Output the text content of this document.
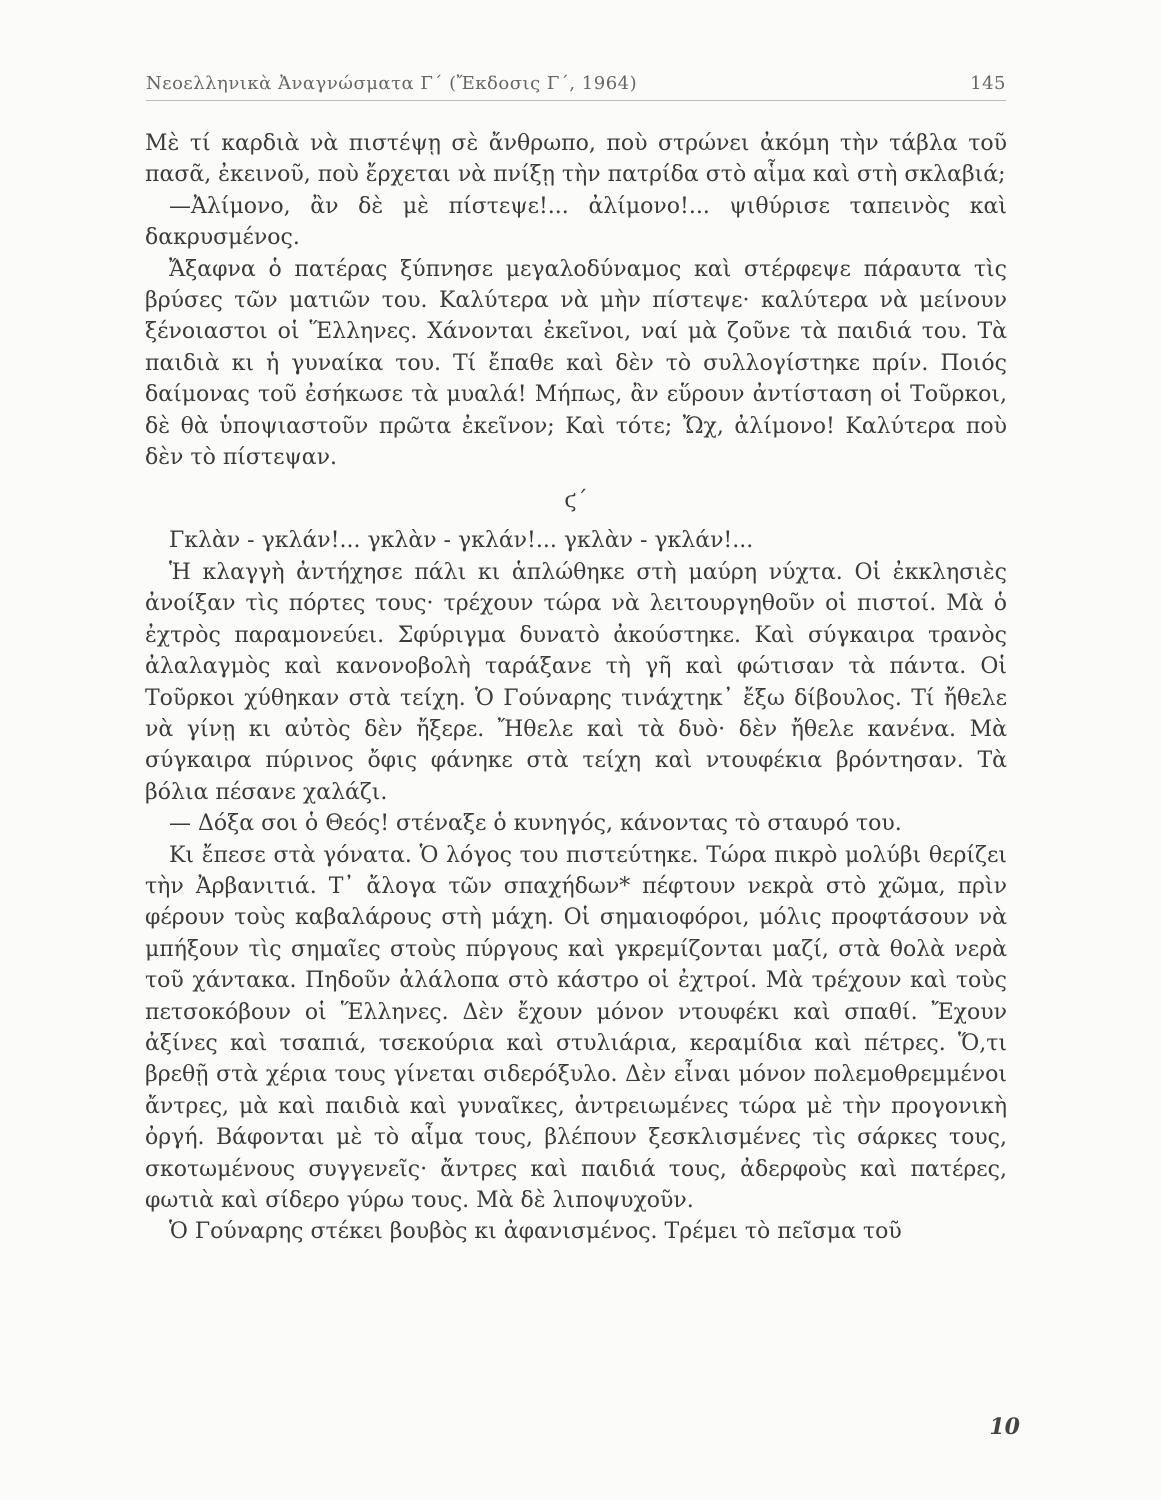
Νεοελληνικὰ Ἀναγνώσματα Γ΄ (Ἔκδοσις Γ΄, 1964)	145

Μὲ τί καρδιὰ νὰ πιστέψῃ σὲ ἄνθρωπο, ποὺ στρώνει ἀκόμη τὴν τάβλα τοῦ πασᾶ, ἐκεινοῦ, ποὺ ἔρχεται νὰ πνίξῃ τὴν πατρίδα στὸ αἷμα καὶ στὴ σκλαβιά;

—Ἀλίμονο, ἂν δὲ μὲ πίστεψε!... ἀλίμονο!... ψιθύρισε ταπεινὸς καὶ δακρυσμένος.

Ἄξαφνα ὁ πατέρας ξύπνησε μεγαλοδύναμος καὶ στέρφεψε πάραυτα τὶς βρύσες τῶν ματιῶν του. Καλύτερα νὰ μὴν πίστεψε· καλύτερα νὰ μείνουν ξένοιαστοι οἱ Ἕλληνες. Χάνονται ἐκεῖνοι, ναί μὰ ζοῦνε τὰ παιδιά του. Τὰ παιδιὰ κι ἡ γυναίκα του. Τί ἔπαθε καὶ δὲν τὸ συλλογίστηκε πρίν. Ποιός δαίμονας τοῦ ἐσήκωσε τὰ μυαλά! Μήπως, ἂν εὕρουν ἀντίσταση οἱ Τοῦρκοι, δὲ θὰ ὑποψιαστοῦν πρῶτα ἐκεῖνον; Καὶ τότε; Ὤχ, ἀλίμονο! Καλύτερα ποὺ δὲν τὸ πίστεψαν.

ϛ΄

Γκλὰν - γκλάν!... γκλὰν - γκλάν!... γκλὰν - γκλάν!...

Ἡ κλαγγὴ ἀντήχησε πάλι κι ἁπλώθηκε στὴ μαύρη νύχτα. Οἱ ἐκκλησιὲς ἀνοίξαν τὶς πόρτες τους· τρέχουν τώρα νὰ λειτουργηθοῦν οἱ πιστοί. Μὰ ὁ ἐχτρὸς παραμονεύει. Σφύριγμα δυνατὸ ἀκούστηκε. Καὶ σύγκαιρα τρανὸς ἀλαλαγμὸς καὶ κανονοβολὴ ταράξανε τὴ γῆ καὶ φώτισαν τὰ πάντα. Οἱ Τοῦρκοι χύθηκαν στὰ τείχη. Ὁ Γούναρης τινάχτηκ᾿ ἔξω δίβουλος. Τί ἤθελε νὰ γίνῃ κι αὐτὸς δὲν ἤξερε. Ἤθελε καὶ τὰ δυὸ· δὲν ἤθελε κανένα. Μὰ σύγκαιρα πύρινος ὄφις φάνηκε στὰ τείχη καὶ ντουφέκια βρόντησαν. Τὰ βόλια πέσανε χαλάζι.

— Δόξα σοι ὁ Θεός! στέναξε ὁ κυνηγός, κάνοντας τὸ σταυρό του.

Κι ἔπεσε στὰ γόνατα. Ὁ λόγος του πιστεύτηκε. Τώρα πικρὸ μολύβι θερίζει τὴν Ἀρβανιτιά. Τ᾿ ἄλογα τῶν σπαχήδων* πέφτουν νεκρὰ στὸ χῶμα, πρὶν φέρουν τοὺς καβαλάρους στὴ μάχη. Οἱ σημαιοφόροι, μόλις προφτάσουν νὰ μπήξουν τὶς σημαῖες στοὺς πύργους καὶ γκρεμίζονται μαζί, στὰ θολὰ νερὰ τοῦ χάντακα. Πηδοῦν ἀλάλοπα στὸ κάστρο οἱ ἐχτροί. Μὰ τρέχουν καὶ τοὺς πετσοκόβουν οἱ Ἕλληνες. Δὲν ἔχουν μόνον ντουφέκι καὶ σπαθί. Ἔχουν ἀξίνες καὶ τσαπιά, τσεκούρια καὶ στυλιάρια, κεραμίδια καὶ πέτρες. Ὅ,τι βρεθῇ στὰ χέρια τους γίνεται σιδερόξυλο. Δὲν εἶναι μόνον πολεμοθρεμμένοι ἄντρες, μὰ καὶ παιδιὰ καὶ γυναῖκες, ἀντρειωμένες τώρα μὲ τὴν προγονικὴ ὀργή. Βάφονται μὲ τὸ αἷμα τους, βλέπουν ξεσκλισμένες τὶς σάρκες τους, σκοτωμένους συγγενεῖς· ἄντρες καὶ παιδιά τους, ἀδερφοὺς καὶ πατέρες, φωτιὰ καὶ σίδερο γύρω τους. Μὰ δὲ λιποψυχοῦν.

Ὁ Γούναρης στέκει βουβὸς κι ἀφανισμένος. Τρέμει τὸ πεῖσμα τοῦ

10
